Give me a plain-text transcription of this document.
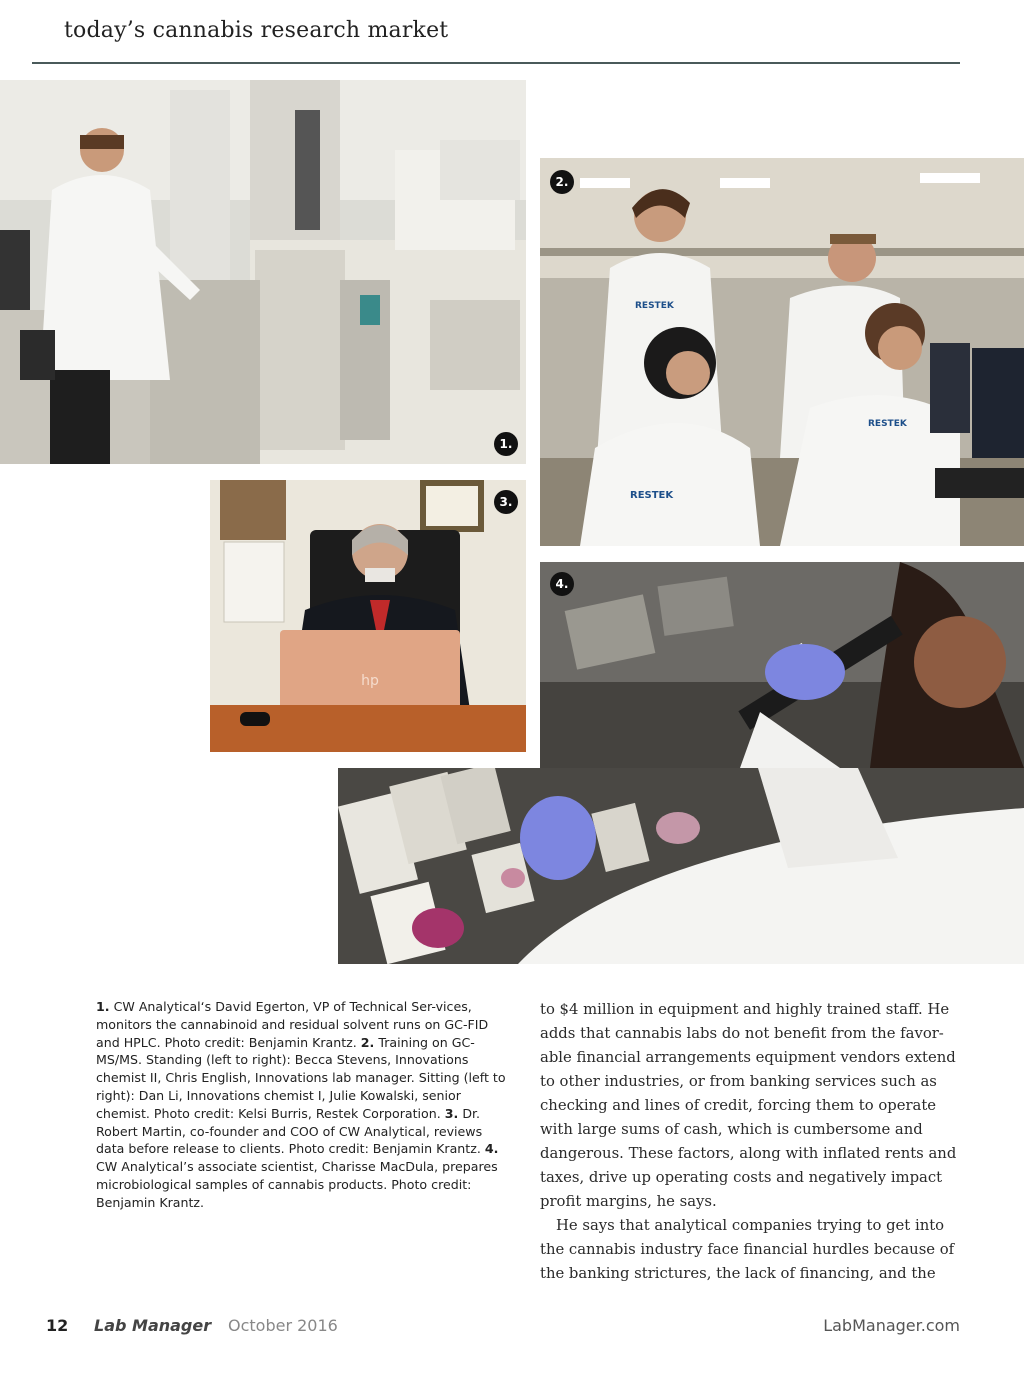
today’s cannabis research market
1.
RESTEK
RESTEK
RESTEK
2.
hp
3.
4.
1. CW Analytical‘s David Egerton, VP of Technical Ser-vices, monitors the cannabinoid and residual solvent runs on GC-FID and HPLC. Photo credit: Benjamin Krantz. 2. Training on GC-MS/MS. Standing (left to right): Becca Stevens, Innovations chemist II, Chris English, Innovations lab manager. Sitting (left to right): Dan Li, Innovations chemist I, Julie Kowalski, senior chemist. Photo credit: Kelsi Burris, Restek Corporation. 3. Dr. Robert Martin, co-founder and COO of CW Analytical, reviews data before release to clients. Photo credit: Benjamin Krantz. 4. CW Analytical’s associate scientist, Charisse MacDula, prepares microbiological samples of cannabis products. Photo credit: Benjamin Krantz.

to $4 million in equipment and highly trained staff. He adds that cannabis labs do not benefit from the favor-able financial arrangements equipment vendors extend to other industries, or from banking services such as checking and lines of credit, forcing them to operate with large sums of cash, which is cumbersome and dangerous. These factors, along with inflated rents and taxes, drive up operating costs and negatively impact profit margins, he says.

He says that analytical companies trying to get into the cannabis industry face financial hurdles because of the banking strictures, the lack of financing, and the

12 Lab Manager October 2016	LabManager.com
